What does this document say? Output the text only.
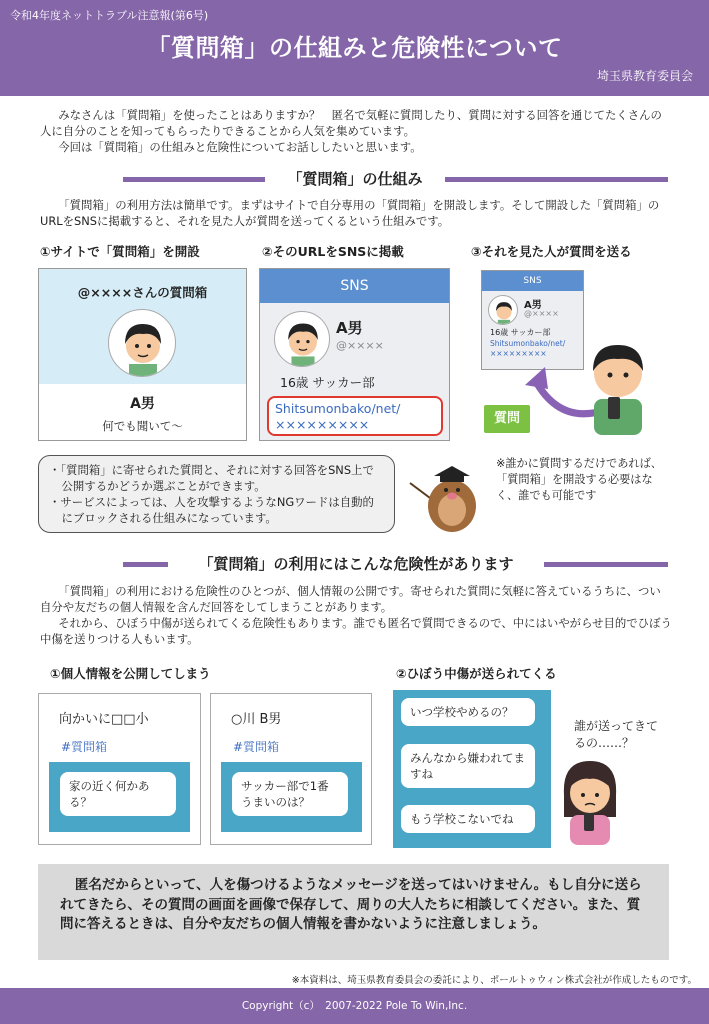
令和4年度ネットトラブル注意報(第6号)
「質問箱」の仕組みと危険性について
埼玉県教育委員会

みなさんは「質問箱」を使ったことはありますか？　匿名で気軽に質問したり、質問に対する回答を通じてたくさんの人に自分のことを知ってもらったりできることから人気を集めています。

今回は「質問箱」の仕組みと危険性についてお話ししたいと思います。

「質問箱」の仕組み

「質問箱」の利用方法は簡単です。まずはサイトで自分専用の「質問箱」を開設します。そして開設した「質問箱」のURLをSNSに掲載すると、それを見た人が質問を送ってくるという仕組みです。

①サイトで「質問箱」を開設	②そのURLをSNSに掲載	③それを見た人が質問を送る
@××××さんの質問箱
A男
何でも聞いて〜
SNS
A男
@××××
16歳 サッカー部
Shitsumonbako/net/×××××××××
SNS
A男
@××××
16歳 サッカー部
Shitsumonbako/net/×××××××××
質問
・「質問箱」に寄せられた質問と、それに対する回答をSNS上で公開するかどうか選ぶことができます。
・サービスによっては、人を攻撃するようなNGワードは自動的にブロックされる仕組みになっています。
※誰かに質問するだけであれば、「質問箱」を開設する必要はなく、誰でも可能です
「質問箱」の利用にはこんな危険性があります

「質問箱」の利用における危険性のひとつが、個人情報の公開です。寄せられた質問に気軽に答えているうちに、つい自分や友だちの個人情報を含んだ回答をしてしまうことがあります。

それから、ひぼう中傷が送られてくる危険性もあります。誰でも匿名で質問できるので、中にはいやがらせ目的でひぼう中傷を送りつける人もいます。

①個人情報を公開してしまう	②ひぼう中傷が送られてくる
向かいに□□小
#質問箱
家の近く何かある？
○川 B男
#質問箱
サッカー部で1番うまいのは？
いつ学校やめるの？
みんなから嫌われてますね
もう学校こないでね
誰が送ってきてるの……？

匿名だからといって、人を傷つけるようなメッセージを送ってはいけません。もし自分に送られてきたら、その質問の画面を画像で保存して、周りの大人たちに相談してください。また、質問に答えるときは、自分や友だちの個人情報を書かないように注意しましょう。

※本資料は、埼玉県教育委員会の委託により、ポールトゥウィン株式会社が作成したものです。
Copyright（c）　2007-2022 Pole To Win,Inc.
